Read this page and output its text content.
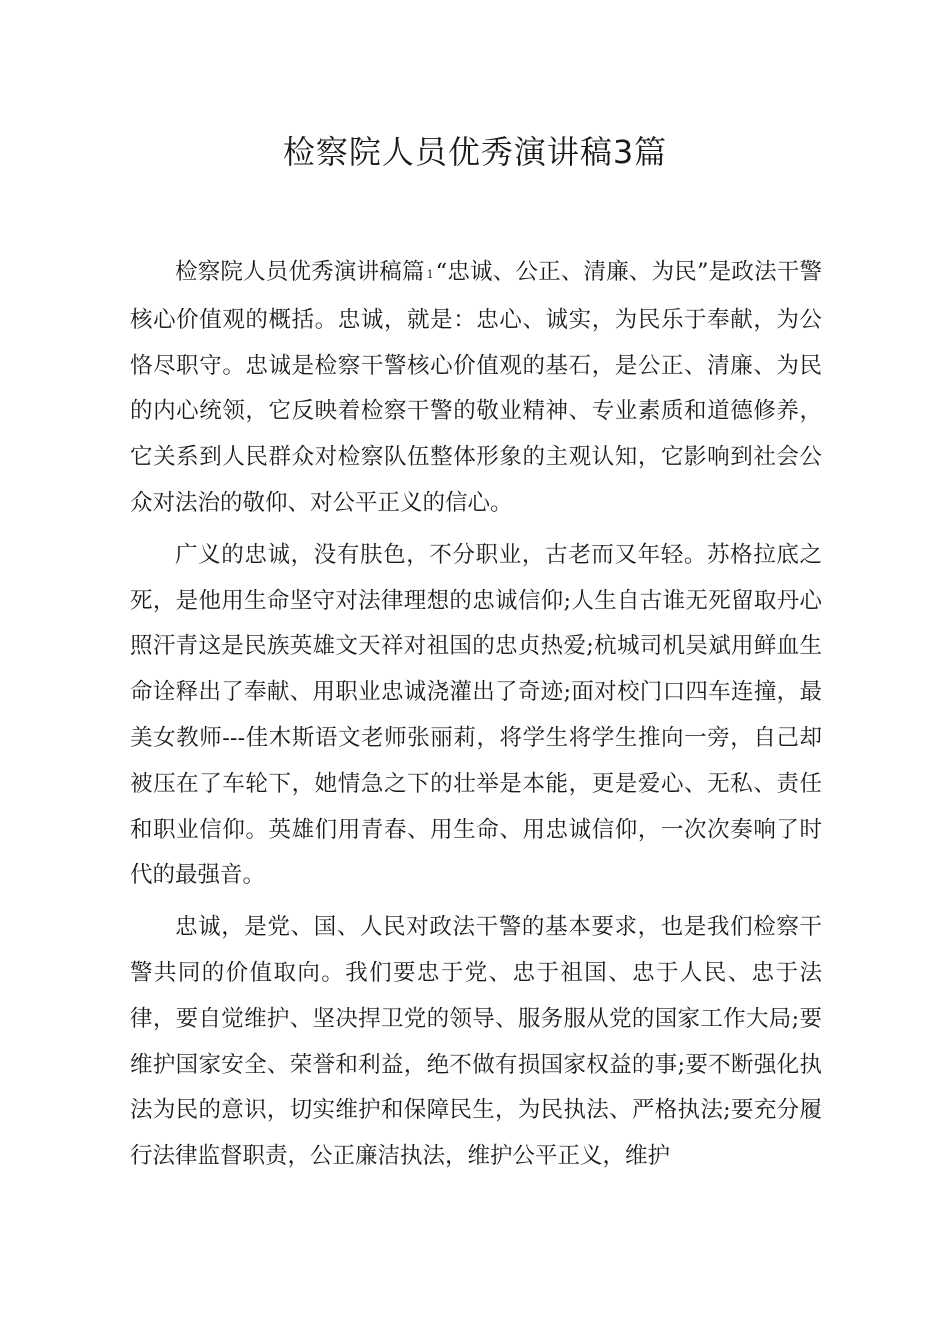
检察院人员优秀演讲稿3篇

检察院人员优秀演讲稿篇 1“忠诚、公正、清廉、为民”是政法干警核心价值观的概括。忠诚，就是：忠心、诚实，为民乐于奉献，为公恪尽职守。忠诚是检察干警核心价值观的基石，是公正、清廉、为民的内心统领，它反映着检察干警的敬业精神、专业素质和道德修养，它关系到人民群众对检察队伍整体形象的主观认知，它影响到社会公众对法治的敬仰、对公平正义的信心。

广义的忠诚，没有肤色，不分职业，古老而又年轻。苏格拉底之死，是他用生命坚守对法律理想的忠诚信仰;人生自古谁无死留取丹心照汗青这是民族英雄文天祥对祖国的忠贞热爱;杭城司机吴斌用鲜血生命诠释出了奉献、用职业忠诚浇灌出了奇迹;面对校门口四车连撞，最美女教师---佳木斯语文老师张丽莉，将学生将学生推向一旁，自己却被压在了车轮下，她情急之下的壮举是本能，更是爱心、无私、责任和职业信仰。英雄们用青春、用生命、用忠诚信仰，一次次奏响了时代的最强音。

忠诚，是党、国、人民对政法干警的基本要求，也是我们检察干警共同的价值取向。我们要忠于党、忠于祖国、忠于人民、忠于法律，要自觉维护、坚决捍卫党的领导、服务服从党的国家工作大局;要维护国家安全、荣誉和利益，绝不做有损国家权益的事;要不断强化执法为民的意识，切实维护和保障民生，为民执法、严格执法;要充分履行法律监督职责，公正廉洁执法，维护公平正义，维护
